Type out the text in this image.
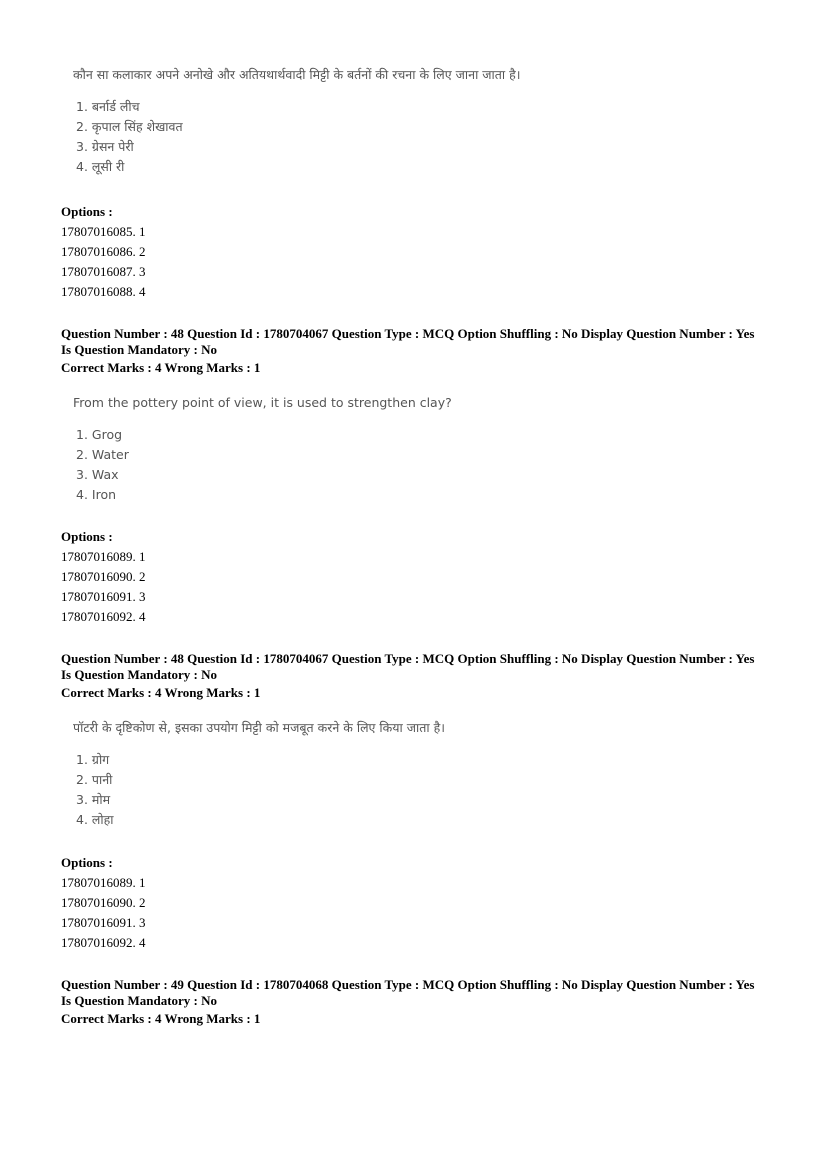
कौन सा कलाकार अपने अनोखे और अतियथार्थवादी मिट्टी के बर्तनों की रचना के लिए जाना जाता है।
1. बर्नार्ड लीच
2. कृपाल सिंह शेखावत
3. ग्रेसन पेरी
4. लूसी री
Options :
17807016085. 1
17807016086. 2
17807016087. 3
17807016088. 4
Question Number : 48 Question Id : 1780704067 Question Type : MCQ Option Shuffling : No Display Question Number : Yes
Is Question Mandatory : No
Correct Marks : 4 Wrong Marks : 1
From the pottery point of view, it is used to strengthen clay?
1. Grog
2. Water
3. Wax
4. Iron
Options :
17807016089. 1
17807016090. 2
17807016091. 3
17807016092. 4
Question Number : 48 Question Id : 1780704067 Question Type : MCQ Option Shuffling : No Display Question Number : Yes
Is Question Mandatory : No
Correct Marks : 4 Wrong Marks : 1
पॉटरी के दृष्टिकोण से, इसका उपयोग मिट्टी को मजबूत करने के लिए किया जाता है।
1. ग्रोग
2. पानी
3. मोम
4. लोहा
Options :
17807016089. 1
17807016090. 2
17807016091. 3
17807016092. 4
Question Number : 49 Question Id : 1780704068 Question Type : MCQ Option Shuffling : No Display Question Number : Yes
Is Question Mandatory : No
Correct Marks : 4 Wrong Marks : 1
